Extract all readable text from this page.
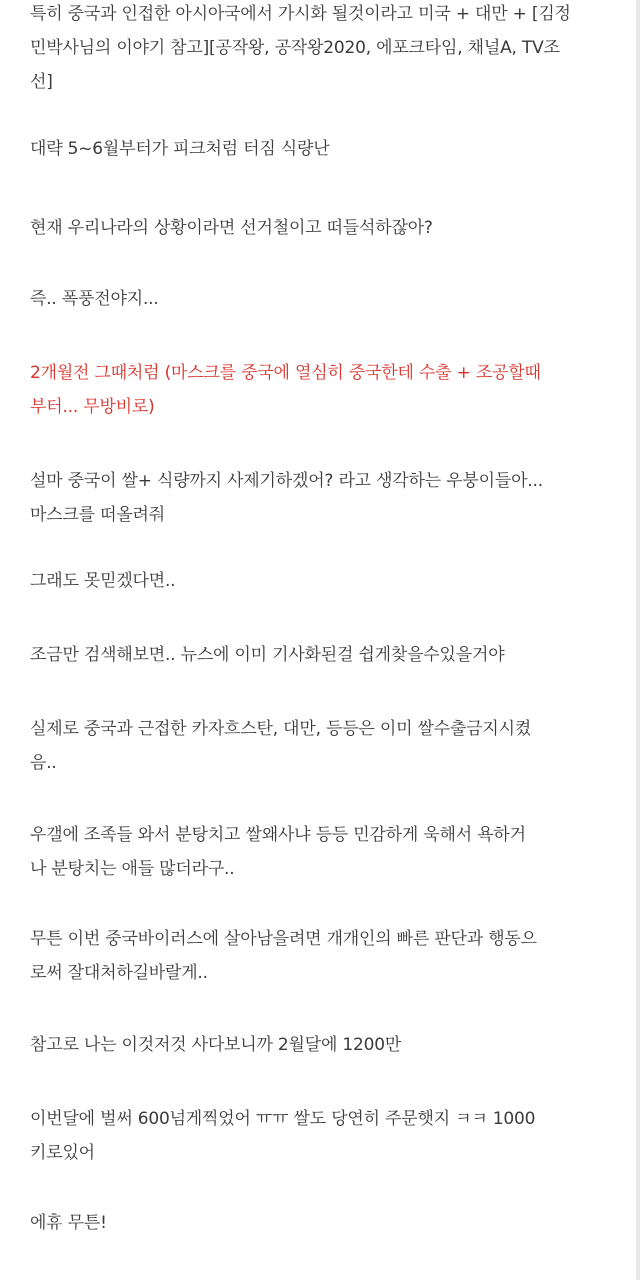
특히 중국과 인접한 아시아국에서 가시화 될것이라고 미국 + 대만 + [김정
민박사님의 이야기 참고][공작왕, 공작왕2020, 에포크타임, 채널A, TV조
선]

대략 5~6월부터가 피크처럼 터짐 식량난

현재 우리나라의 상황이라면 선거철이고 떠들석하잖아?

즉.. 폭풍전야지...

2개월전 그때처럼 (마스크를 중국에 열심히 중국한테 수출 + 조공할때
부터... 무방비로)

설마 중국이 쌀+ 식량까지 사제기하겠어? 라고 생각하는 우붕이들아...
마스크를 떠올려줘

그래도 못믿겠다면..

조금만 검색해보면.. 뉴스에 이미 기사화된걸 쉽게찾을수있을거야

실제로 중국과 근접한 카자흐스탄, 대만, 등등은 이미 쌀수출금지시켰
음..

우갤에 조족들 와서 분탕치고 쌀왜사냐 등등 민감하게 욱해서 욕하거
나 분탕치는 애들 많더라구..

무튼 이번 중국바이러스에 살아남을려면 개개인의 빠른 판단과 행동으
로써 잘대처하길바랄게..

참고로 나는 이것저것 사다보니까 2월달에 1200만

이번달에 벌써 600넘게찍었어 ㅠㅠ 쌀도 당연히 주문햇지 ㅋㅋ 1000
키로있어

에휴 무튼!
